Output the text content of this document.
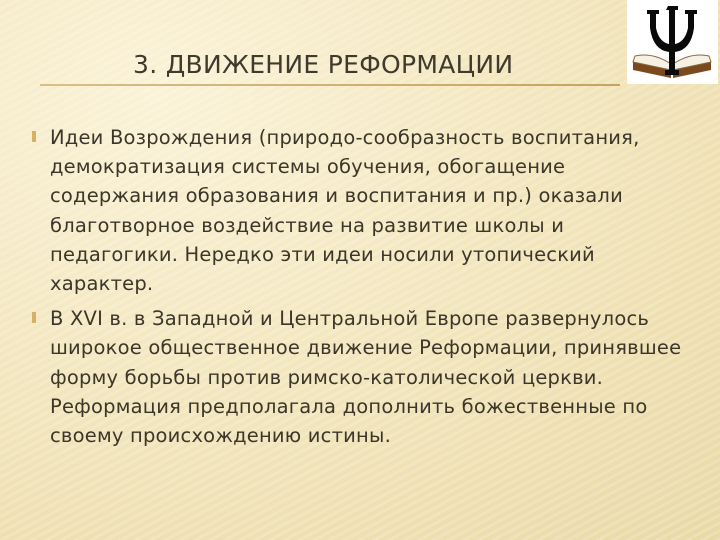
3. ДВИЖЕНИЕ РЕФОРМАЦИИ
Идеи Возрождения (природо-сообразность воспитания, демократизация системы обучения, обогащение содержания образования и воспитания и пр.) оказали благотворное воздействие на развитие школы и педагогики. Нередко эти идеи носили утопический характер.
В XVI в. в Западной и Центральной Европе развернулось широкое общественное движение Реформации, принявшее форму борьбы против римско-католической церкви. Реформация предполагала дополнить божественные по своему происхождению истины.
